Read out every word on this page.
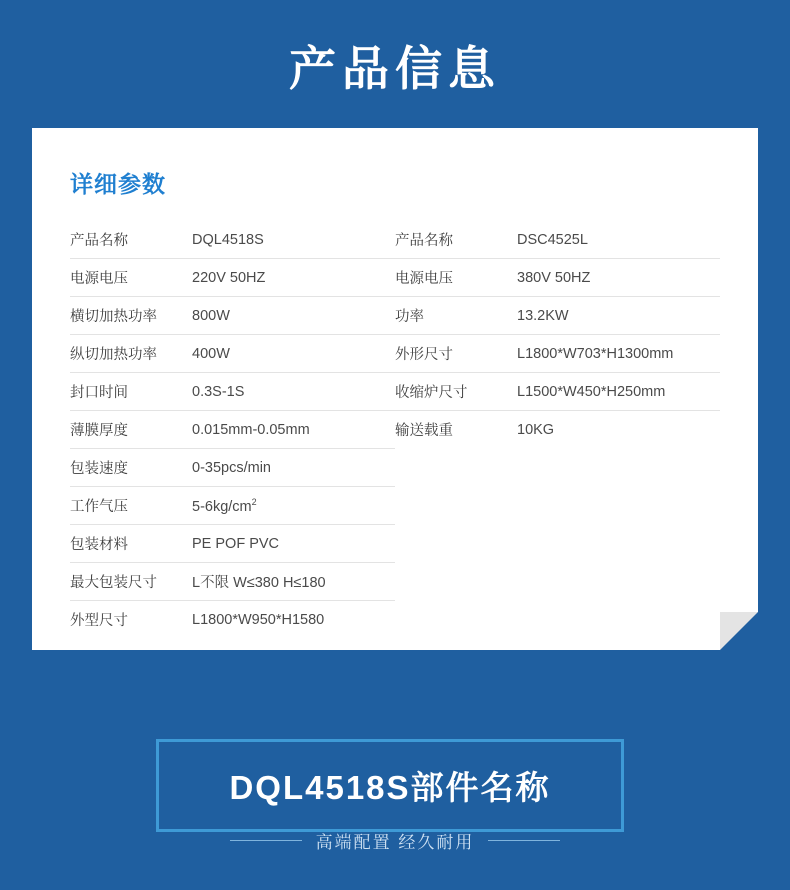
产品信息
详细参数
产品名称	DQL4518S
电源电压	220V 50HZ
横切加热功率	800W
纵切加热功率	400W
封口时间	0.3S-1S
薄膜厚度	0.015mm-0.05mm
包装速度	0-35pcs/min
工作气压	$5-6kg/cm^2$
包装材料	PE POF PVC
最大包装尺寸	L不限 W≤380 H≤180
外型尺寸	L1800*W950*H1580
产品名称	DSC4525L
电源电压	380V 50HZ
功率	13.2KW
外形尺寸	L1800*W703*H1300mm
收缩炉尺寸	L1500*W450*H250mm
输送载重	10KG
DQL4518S部件名称
高端配置 经久耐用
